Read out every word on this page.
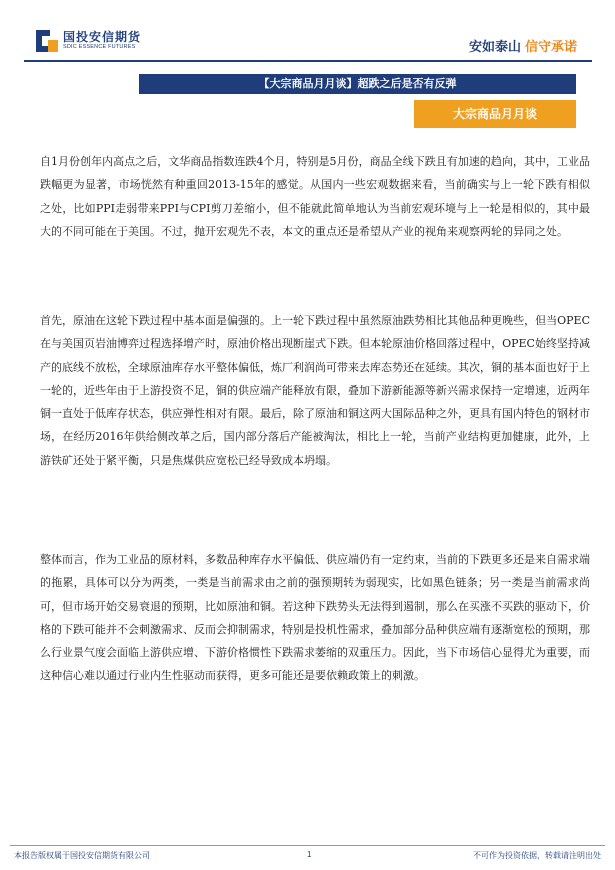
国投安信期货
SDIC ESSENCE FUTURES	安如泰山 信守承诺
【大宗商品月月谈】超跌之后是否有反弹
大宗商品月月谈

自1月份创年内高点之后，文华商品指数连跌4个月，特别是5月份，商品全线下跌且有加速的趋向，其中，工业品跌幅更为显著，市场恍然有种重回2013-15年的感觉。从国内一些宏观数据来看，当前确实与上一轮下跌有相似之处，比如PPI走弱带来PPI与CPI剪刀差缩小，但不能就此简单地认为当前宏观环境与上一轮是相似的，其中最大的不同可能在于美国。不过，抛开宏观先不表，本文的重点还是希望从产业的视角来观察两轮的异同之处。

首先，原油在这轮下跌过程中基本面是偏强的。上一轮下跌过程中虽然原油跌势相比其他品种更晚些，但当OPEC在与美国页岩油博弈过程选择增产时，原油价格出现断崖式下跌。但本轮原油价格回落过程中，OPEC始终坚持减产的底线不放松，全球原油库存水平整体偏低，炼厂利润尚可带来去库态势还在延续。其次，铜的基本面也好于上一轮的，近些年由于上游投资不足，铜的供应端产能释放有限，叠加下游新能源等新兴需求保持一定增速，近两年铜一直处于低库存状态，供应弹性相对有限。最后，除了原油和铜这两大国际品种之外，更具有国内特色的钢材市场，在经历2016年供给侧改革之后，国内部分落后产能被淘汰，相比上一轮，当前产业结构更加健康，此外，上游铁矿还处于紧平衡，只是焦煤供应宽松已经导致成本坍塌。

整体而言，作为工业品的原材料，多数品种库存水平偏低、供应端仍有一定约束，当前的下跌更多还是来自需求端的拖累，具体可以分为两类，一类是当前需求由之前的强预期转为弱现实，比如黑色链条；另一类是当前需求尚可，但市场开始交易衰退的预期，比如原油和铜。若这种下跌势头无法得到遏制，那么在买涨不买跌的驱动下，价格的下跌可能并不会刺激需求、反而会抑制需求，特别是投机性需求，叠加部分品种供应端有逐渐宽松的预期，那么行业景气度会面临上游供应增、下游价格惯性下跌需求萎缩的双重压力。因此，当下市场信心显得尤为重要，而这种信心难以通过行业内生性驱动而获得，更多可能还是要依赖政策上的刺激。

本报告版权属于国投安信期货有限公司	1	不可作为投资依据，转载请注明出处
